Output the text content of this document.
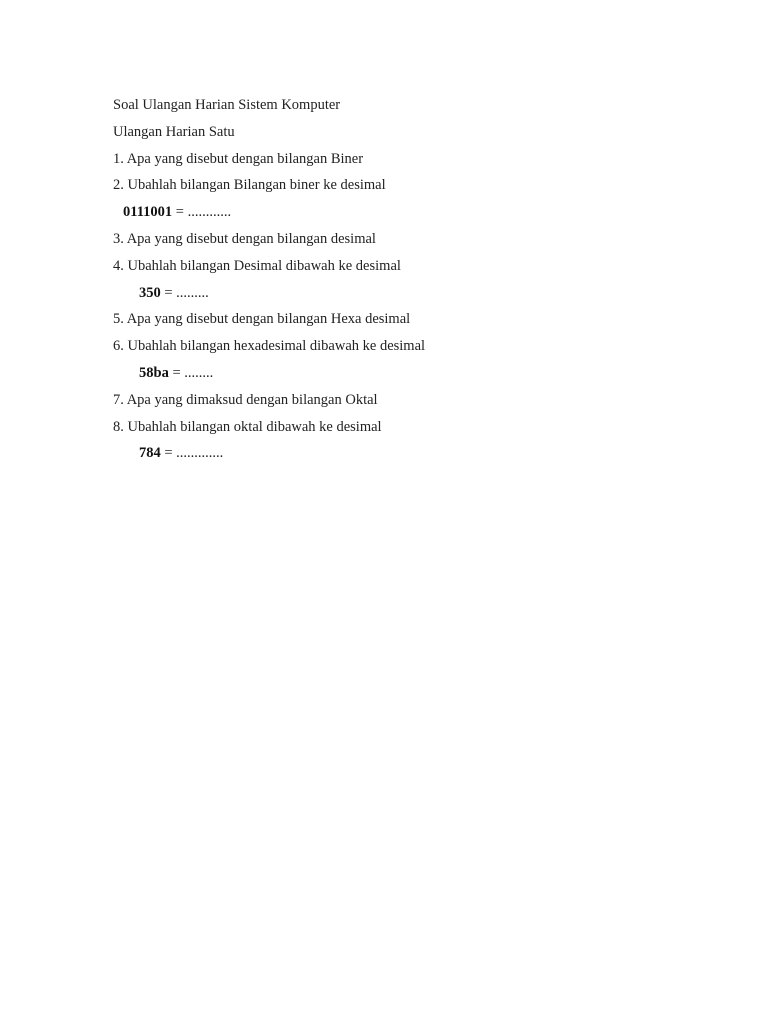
Soal Ulangan Harian Sistem Komputer
Ulangan Harian Satu
1. Apa yang disebut dengan bilangan Biner
2. Ubahlah bilangan Bilangan biner ke desimal
0111001 = ............
3. Apa yang disebut dengan bilangan desimal
4. Ubahlah bilangan Desimal dibawah ke desimal
350 = .........
5. Apa yang disebut dengan bilangan Hexa desimal
6. Ubahlah bilangan hexadesimal dibawah ke desimal
58ba = ........
7. Apa yang dimaksud dengan bilangan Oktal
8. Ubahlah bilangan oktal dibawah ke desimal
784 = .............
